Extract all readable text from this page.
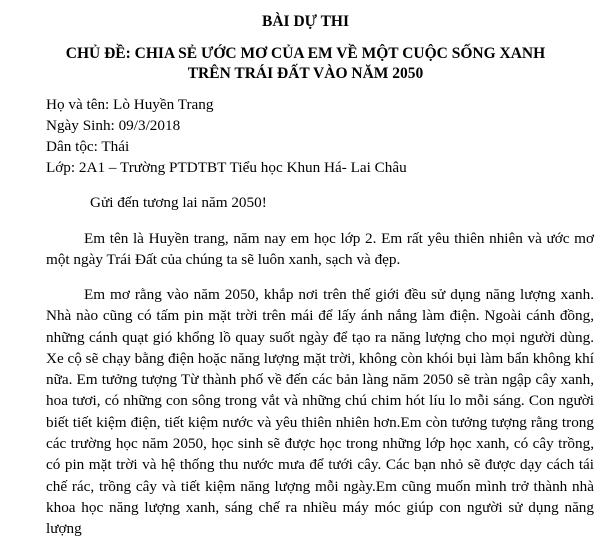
BÀI DỰ THI
CHỦ ĐỀ: CHIA SẺ ƯỚC MƠ CỦA EM VỀ MỘT CUỘC SỐNG XANH
TRÊN TRÁI ĐẤT VÀO NĂM 2050
Họ và tên: Lò Huyền Trang
Ngày Sinh: 09/3/2018
Dân tộc: Thái
Lớp: 2A1 – Trường PTDTBT Tiểu học Khun Há- Lai Châu
Gửi đến tương lai năm 2050!

Em tên là Huyền trang, năm nay em học lớp 2. Em rất yêu thiên nhiên và ước mơ một ngày Trái Đất của chúng ta sẽ luôn xanh, sạch và đẹp.

Em mơ rằng vào năm 2050, khắp nơi trên thế giới đều sử dụng năng lượng xanh. Nhà nào cũng có tấm pin mặt trời trên mái để lấy ánh nắng làm điện. Ngoài cánh đồng, những cánh quạt gió khổng lồ quay suốt ngày để tạo ra năng lượng cho mọi người dùng. Xe cộ sẽ chạy bằng điện hoặc năng lượng mặt trời, không còn khói bụi làm bẩn không khí nữa. Em tưởng tượng Từ thành phố về đến các bản làng năm 2050 sẽ tràn ngập cây xanh, hoa tươi, có những con sông trong vắt và những chú chim hót líu lo mỗi sáng. Con người biết tiết kiệm điện, tiết kiệm nước và yêu thiên nhiên hơn.Em còn tưởng tượng rằng trong các trường học năm 2050, học sinh sẽ được học trong những lớp học xanh, có cây trồng, có pin mặt trời và hệ thống thu nước mưa để tưới cây. Các bạn nhỏ sẽ được dạy cách tái chế rác, trồng cây và tiết kiệm năng lượng mỗi ngày.Em cũng muốn mình trở thành nhà khoa học năng lượng xanh, sáng chế ra nhiều máy móc giúp con người sử dụng năng lượng
